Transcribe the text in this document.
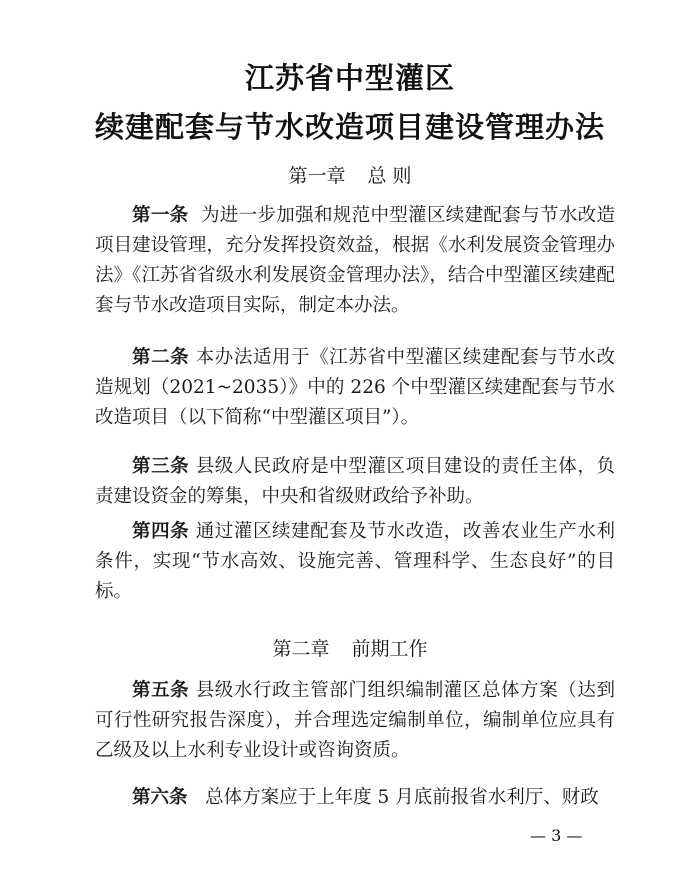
江苏省中型灌区
续建配套与节水改造项目建设管理办法
第一章 总 则
第一条 为进一步加强和规范中型灌区续建配套与节水改造项目建设管理，充分发挥投资效益，根据《水利发展资金管理办法》《江苏省省级水利发展资金管理办法》，结合中型灌区续建配套与节水改造项目实际，制定本办法。
第二条 本办法适用于《江苏省中型灌区续建配套与节水改造规划（2021~2035）》中的 226 个中型灌区续建配套与节水改造项目（以下简称“中型灌区项目”）。
第三条 县级人民政府是中型灌区项目建设的责任主体，负责建设资金的筹集，中央和省级财政给予补助。
第四条 通过灌区续建配套及节水改造，改善农业生产水利条件，实现“节水高效、设施完善、管理科学、生态良好”的目标。
第二章 前期工作
第五条 县级水行政主管部门组织编制灌区总体方案（达到可行性研究报告深度），并合理选定编制单位，编制单位应具有乙级及以上水利专业设计或咨询资质。
第六条 总体方案应于上年度 5 月底前报省水利厅、财政
— 3 —
